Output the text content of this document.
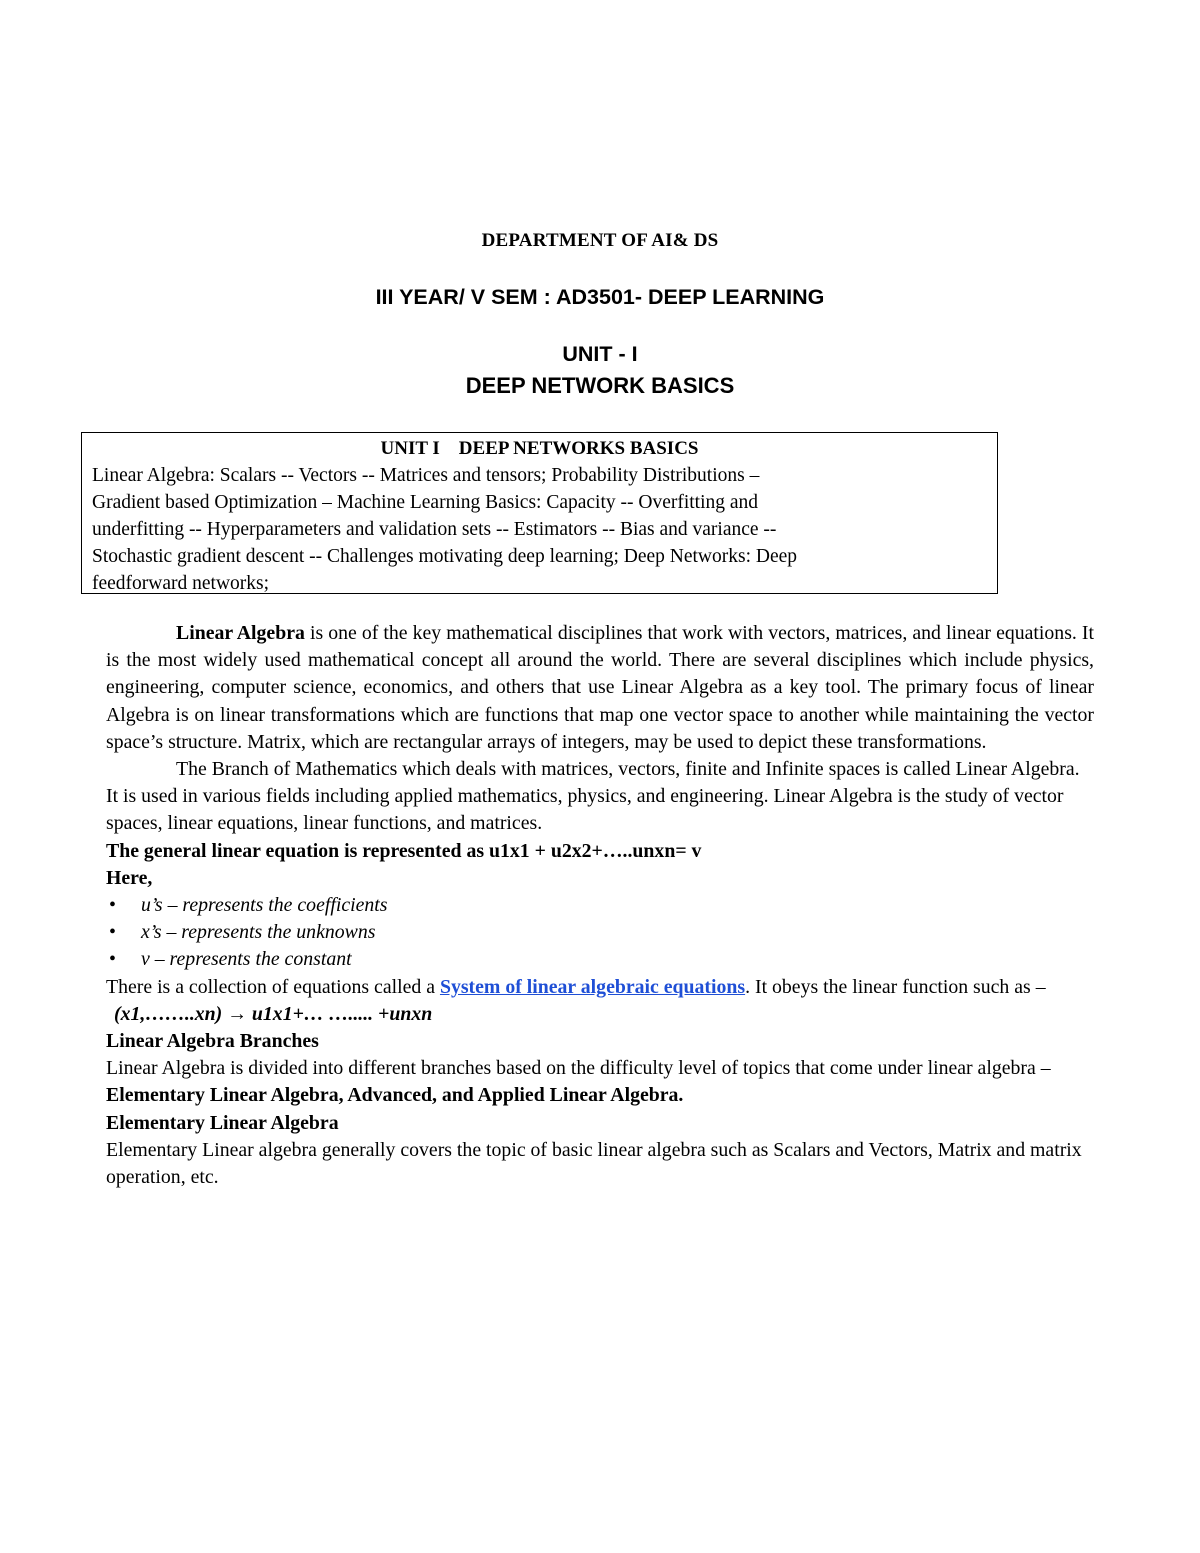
DEPARTMENT OF AI& DS
III YEAR/ V SEM : AD3501- DEEP LEARNING
UNIT - I
DEEP NETWORK BASICS
UNIT I    DEEP NETWORKS BASICS
Linear Algebra: Scalars -- Vectors -- Matrices and tensors; Probability Distributions –
Gradient based Optimization – Machine Learning Basics: Capacity -- Overfitting and
underfitting -- Hyperparameters and validation sets -- Estimators -- Bias and variance --
Stochastic gradient descent -- Challenges motivating deep learning; Deep Networks: Deep
feedforward networks;

Linear Algebra is one of the key mathematical disciplines that work with vectors, matrices, and linear equations. It is the most widely used mathematical concept all around the world. There are several disciplines which include physics, engineering, computer science, economics, and others that use Linear Algebra as a key tool. The primary focus of linear Algebra is on linear transformations which are functions that map one vector space to another while maintaining the vector space’s structure. Matrix, which are rectangular arrays of integers, may be used to depict these transformations.

The Branch of Mathematics which deals with matrices, vectors, finite and Infinite spaces is called Linear Algebra. It is used in various fields including applied mathematics, physics, and engineering. Linear Algebra is the study of vector spaces, linear equations, linear functions, and matrices.

The general linear equation is represented as u1x1 + u2x2+…..unxn= v

Here,

• u’s – represents the coefficients
• x’s – represents the unknowns
• v – represents the constant

There is a collection of equations called a System of linear algebraic equations. It obeys the linear function such as –

(x1,……..xn) → u1x1+… …..... +unxn

Linear Algebra Branches

Linear Algebra is divided into different branches based on the difficulty level of topics that come under linear algebra – Elementary Linear Algebra, Advanced, and Applied Linear Algebra.

Elementary Linear Algebra

Elementary Linear algebra generally covers the topic of basic linear algebra such as Scalars and Vectors, Matrix and matrix operation, etc.
